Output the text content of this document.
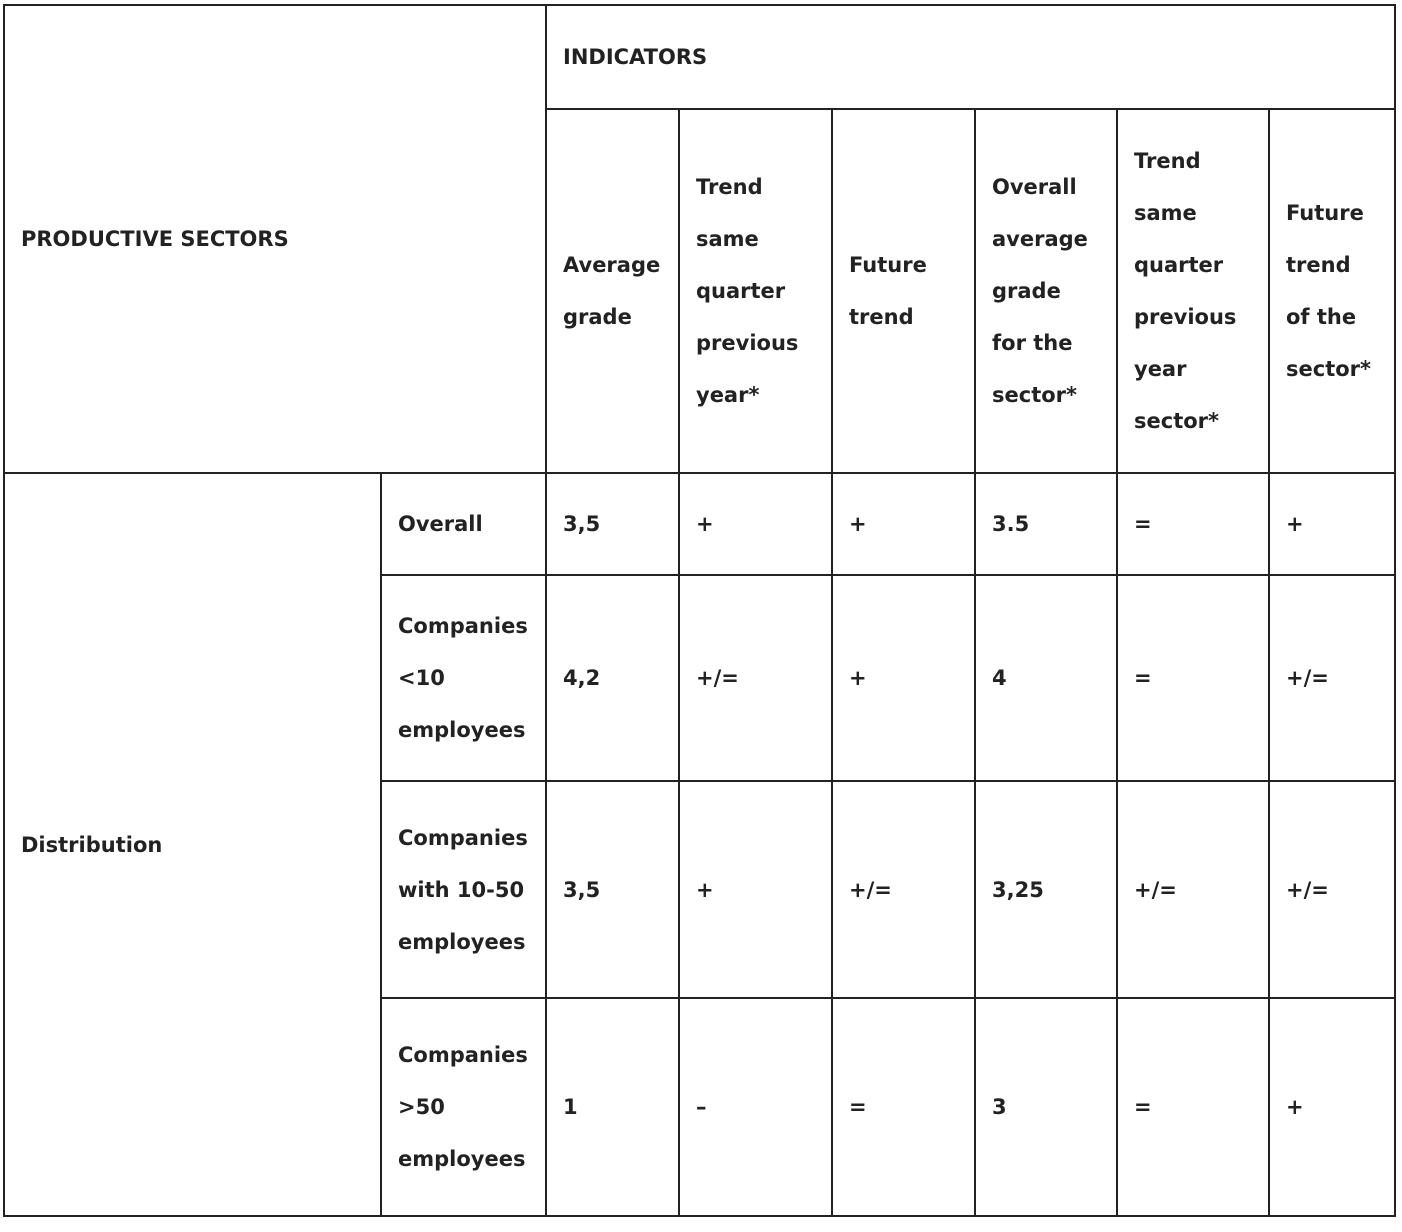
PRODUCTIVE SECTORS		INDICATORS					
		Average grade	Trend same quarter previous year*	Future trend	Overall average grade for the sector*	Trend same quarter previous year sector*	Future trend of the sector*
Distribution	Overall	3,5	+	+	3.5	=	+
	Companies <10 employees	4,2	+/=	+	4	=	+/=
	Companies with 10-50 employees	3,5	+	+/=	3,25	+/=	+/=
	Companies >50 employees	1	–	=	3	=	+
